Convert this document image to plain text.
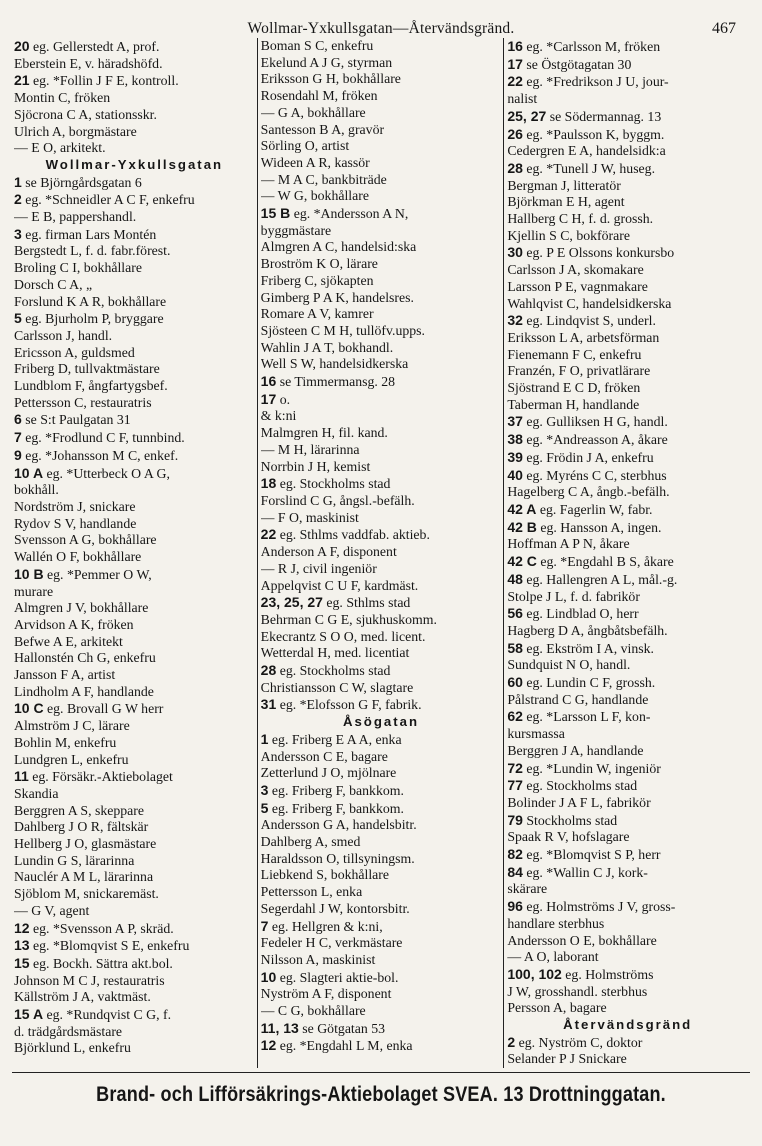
Wollmar-Yxkullsgatan—Återvändsgränd.	467
20 eg. Gellerstedt A, prof.
Eberstein E, v. häradshöfd.
21 eg. *Follin J F E, kontroll.
Montin C, fröken
Sjöcrona C A, stationsskr.
Ulrich A, borgmästare
— E O, arkitekt.
Wollmar-Yxkullsgatan
1 se Björngårdsgatan 6
2 eg. *Schneidler A C F, enkefru
— E B, pappershandl.
3 eg. firman Lars Montén
Bergstedt L, f. d. fabr.förest.
Broling C I, bokhållare
Dorsch C A, „
Forslund K A R, bokhållare
5 eg. Bjurholm P, bryggare
Carlsson J, handl.
Ericsson A, guldsmed
Friberg D, tullvaktmästare
Lundblom F, ångfartygsbef.
Pettersson C, restauratris
6 se S:t Paulgatan 31
7 eg. *Frodlund C F, tunnbind.
9 eg. *Johansson M C, enkef.
10 A eg. *Utterbeck O A G,
bokhåll.
Nordström J, snickare
Rydov S V, handlande
Svensson A G, bokhållare
Wallén O F, bokhållare
10 B eg. *Pemmer O W,
murare
Almgren J V, bokhållare
Arvidson A K, fröken
Befwe A E, arkitekt
Hallonstén Ch G, enkefru
Jansson F A, artist
Lindholm A F, handlande
10 C eg. Brovall G W herr
Almström J C, lärare
Bohlin M, enkefru
Lundgren L, enkefru
11 eg. Försäkr.-Aktiebolaget
Skandia
Berggren A S, skeppare
Dahlberg J O R, fältskär
Hellberg J O, glasmästare
Lundin G S, lärarinna
Nauclér A M L, lärarinna
Sjöblom M, snickaremäst.
— G V, agent
12 eg. *Svensson A P, skräd.
13 eg. *Blomqvist S E, enkefru
15 eg. Bockh. Sättra akt.bol.
Johnson M C J, restauratris
Källström J A, vaktmäst.
15 A eg. *Rundqvist C G, f.
d. trädgårdsmästare
Björklund L, enkefru
Boman S C, enkefru
Ekelund A J G, styrman
Eriksson G H, bokhållare
Rosendahl M, fröken
— G A, bokhållare
Santesson B A, gravör
Sörling O, artist
Wideen A R, kassör
— M A C, bankbiträde
— W G, bokhållare
15 B eg. *Andersson A N,
byggmästare
Almgren A C, handelsid:ska
Broström K O, lärare
Friberg C, sjökapten
Gimberg P A K, handelsres.
Romare A V, kamrer
Sjösteen C M H, tullöfv.upps.
Wahlin J A T, bokhandl.
Well S W, handelsidkerska
16 se Timmermansg. 28
17 o.
& k:ni
Malmgren H, fil. kand.
— M H, lärarinna
Norrbin J H, kemist
18 eg. Stockholms stad
Forslind C G, ångsl.-befälh.
— F O, maskinist
22 eg. Sthlms vaddfab. aktieb.
Anderson A F, disponent
— R J, civil ingeniör
Appelqvist C U F, kardmäst.
23, 25, 27 eg. Sthlms stad
Behrman C G E, sjukhuskomm.
Ekecrantz S O O, med. licent.
Wetterdal H, med. licentiat
28 eg. Stockholms stad
Christiansson C W, slagtare
31 eg. *Elofsson G F, fabrik.
Åsögatan
1 eg. Friberg E A A, enka
Andersson C E, bagare
Zetterlund J O, mjölnare
3 eg. Friberg F, bankkom.
5 eg. Friberg F, bankkom.
Andersson G A, handelsbitr.
Dahlberg A, smed
Haraldsson O, tillsyningsm.
Liebkend S, bokhållare
Pettersson L, enka
Segerdahl J W, kontorsbitr.
7 eg. Hellgren & k:ni,
Fedeler H C, verkmästare
Nilsson A, maskinist
10 eg. Slagteri aktie-bol.
Nyström A F, disponent
— C G, bokhållare
11, 13 se Götgatan 53
12 eg. *Engdahl L M, enka
16 eg. *Carlsson M, fröken
17 se Östgötagatan 30
22 eg. *Fredrikson J U, jour-
nalist
25, 27 se Södermannag. 13
26 eg. *Paulsson K, byggm.
Cedergren E A, handelsidk:a
28 eg. *Tunell J W, huseg.
Bergman J, litteratör
Björkman E H, agent
Hallberg C H, f. d. grossh.
Kjellin S C, bokförare
30 eg. P E Olssons konkursbo
Carlsson J A, skomakare
Larsson P E, vagnmakare
Wahlqvist C, handelsidkerska
32 eg. Lindqvist S, underl.
Eriksson L A, arbetsförman
Fienemann F C, enkefru
Franzén, F O, privatlärare
Sjöstrand E C D, fröken
Taberman H, handlande
37 eg. Gulliksen H G, handl.
38 eg. *Andreasson A, åkare
39 eg. Frödin J A, enkefru
40 eg. Myréns C C, sterbhus
Hagelberg C A, ångb.-befälh.
42 A eg. Fagerlin W, fabr.
42 B eg. Hansson A, ingen.
Hoffman A P N, åkare
42 C eg. *Engdahl B S, åkare
48 eg. Hallengren A L, mål.-g.
Stolpe J L, f. d. fabrikör
56 eg. Lindblad O, herr
Hagberg D A, ångbåtsbefälh.
58 eg. Ekström I A, vinsk.
Sundquist N O, handl.
60 eg. Lundin C F, grossh.
Pålstrand C G, handlande
62 eg. *Larsson L F, kon-
kursmassa
Berggren J A, handlande
72 eg. *Lundin W, ingeniör
77 eg. Stockholms stad
Bolinder J A F L, fabrikör
79 Stockholms stad
Spaak R V, hofslagare
82 eg. *Blomqvist S P, herr
84 eg. *Wallin C J, kork-
skärare
96 eg. Holmströms J V, gross-
handlare sterbhus
Andersson O E, bokhållare
— A O, laborant
100, 102 eg. Holmströms
J W, grosshandl. sterbhus
Persson A, bagare
Återvändsgränd
2 eg. Nyström C, doktor
Selander P J Snickare
Brand- och Lifförsäkrings-Aktiebolaget SVEA. 13 Drottninggatan.
